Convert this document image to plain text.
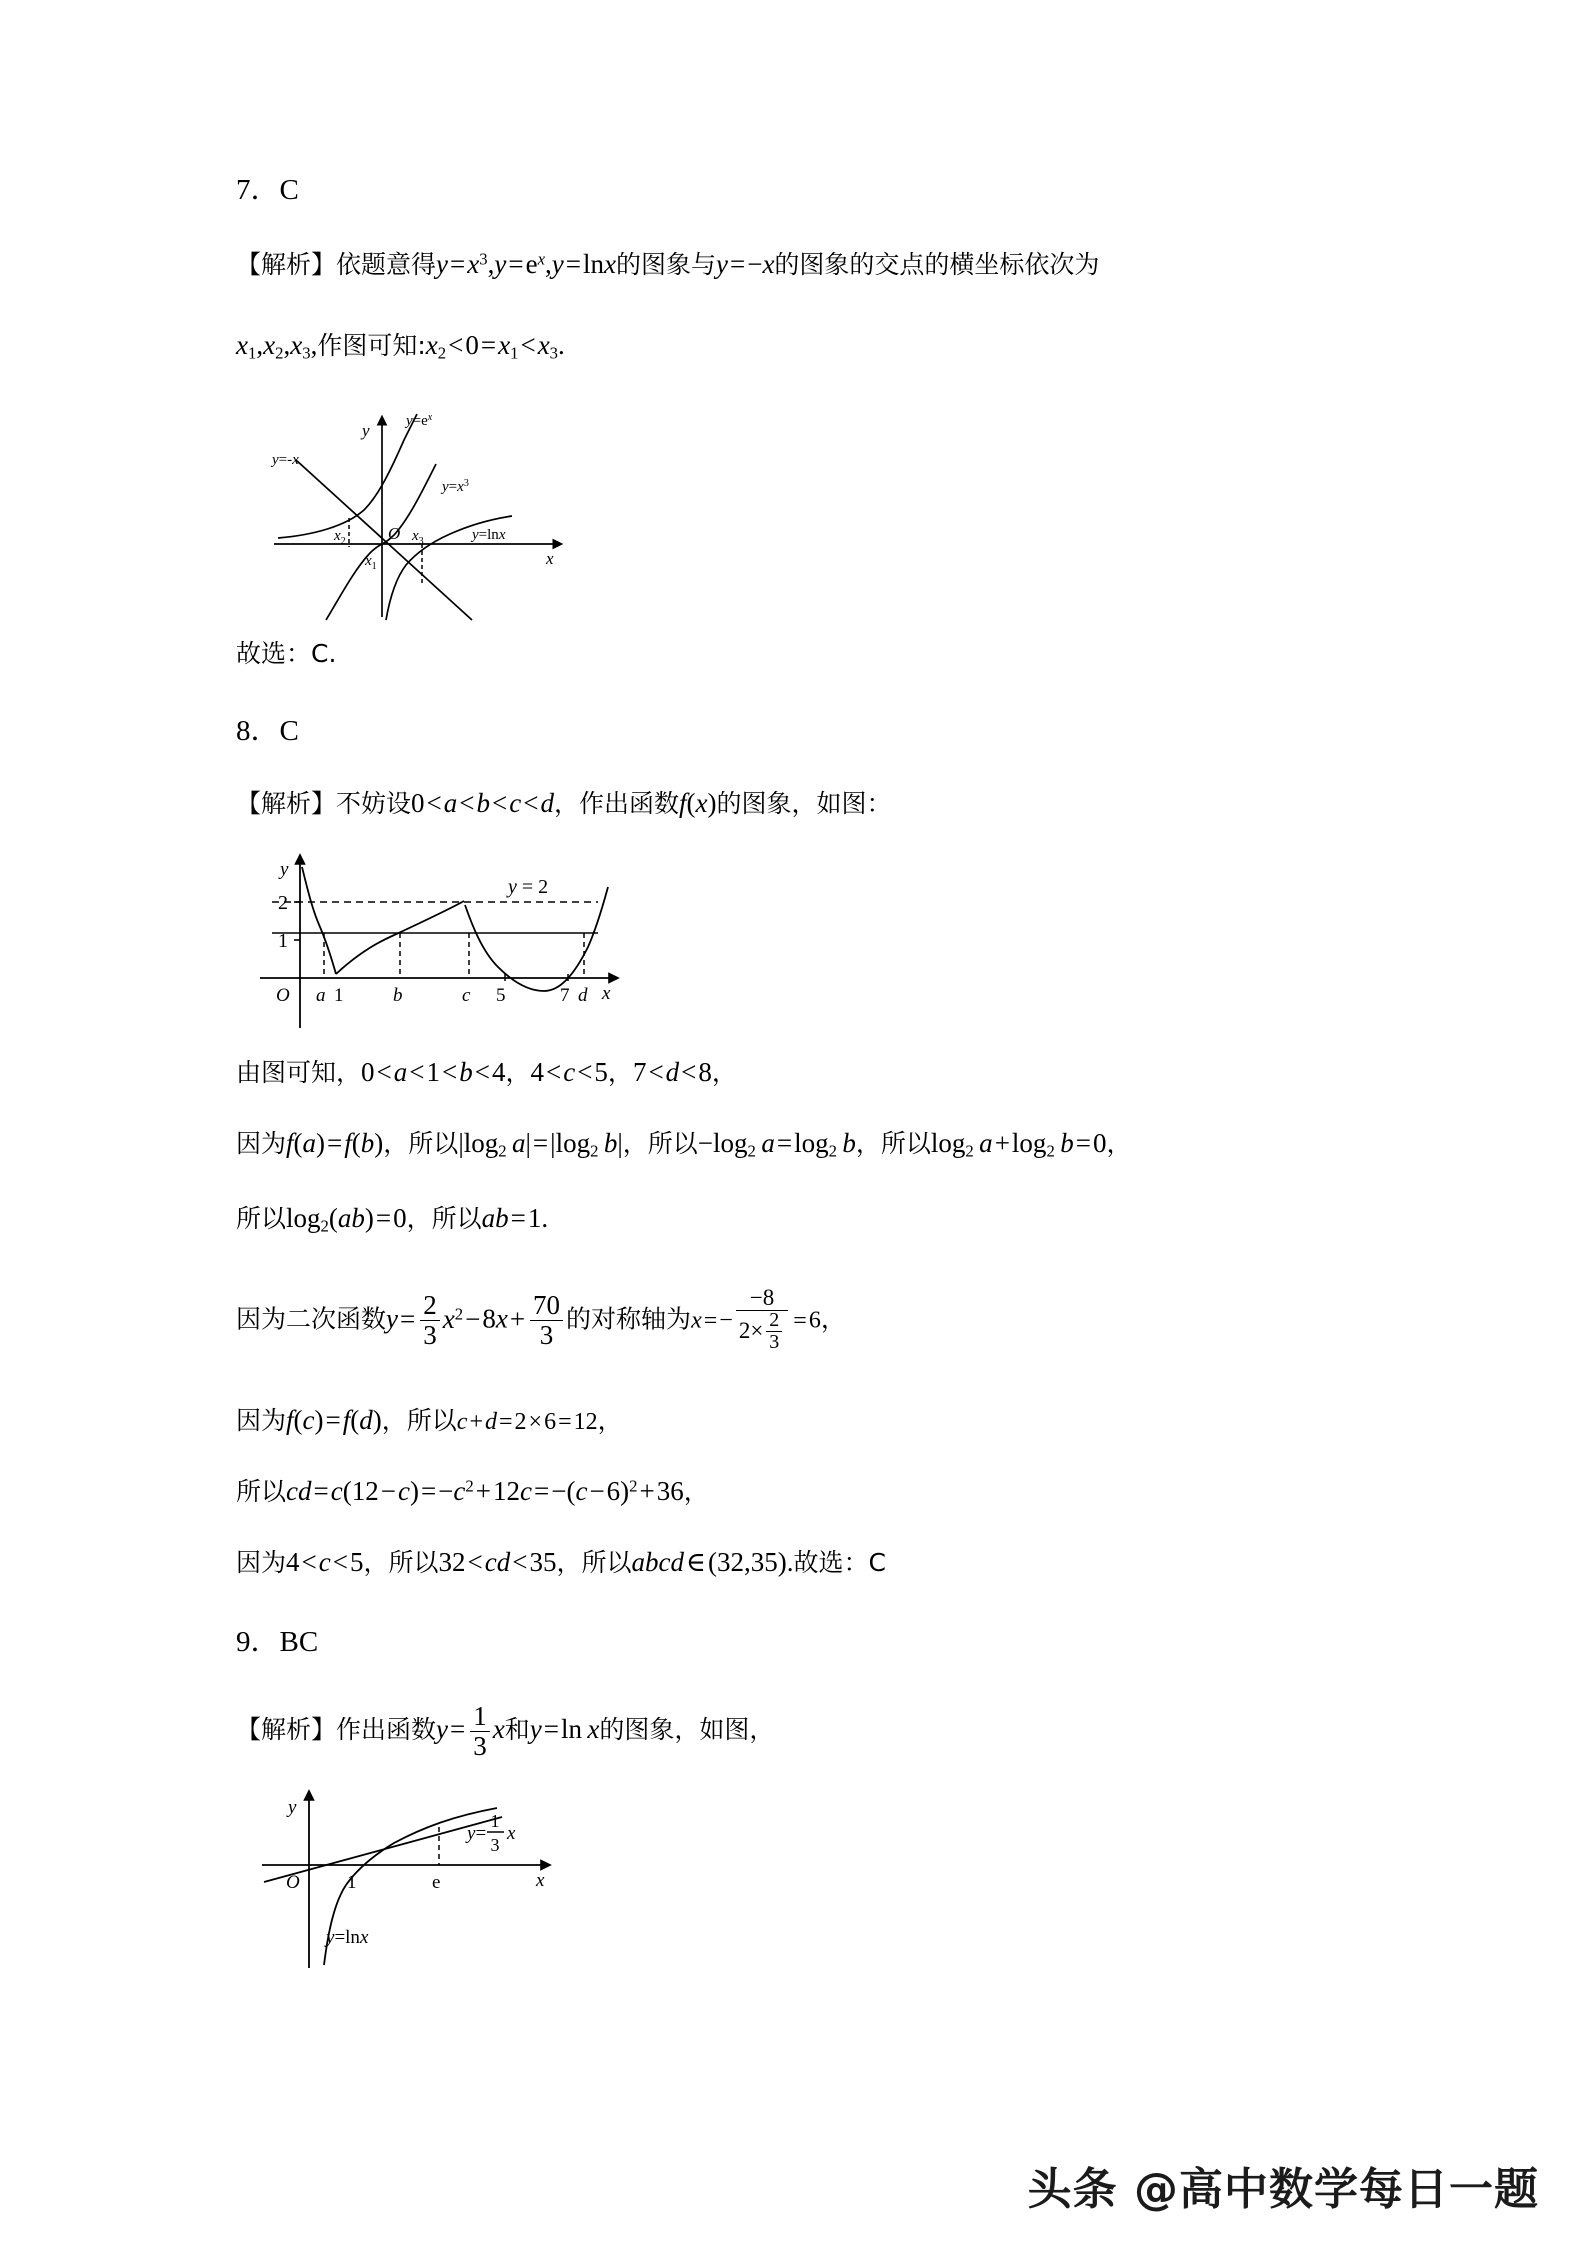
7．C
【解析】依题意得$y=x^3,y=e^x,y=\ln x$的图象与y=−x的图象的交点的横坐标依次为
$x_1,x_2,x_3$,作图可知$:x_2<0=x_1<x_3$.
y
x
O
$y=e^x$
y=-x
$y=x^3$
y=lnx
$x_2$
$x_1$
$x_3$
故选：C.
8．C
【解析】不妨设0<a<b<c<d，作出函数f(x)的图象，如图：
y
x
O
2
1
a 1	b	c 5	7 d
y = 2
由图可知，0<a<1<b<4，4<c<5，7<d<8，
因为f(a)=f(b)，所以$|\log_2$ $a|=|\log_2$ b|，所以$-\log_2$ $a=\log_2$ b，所以$\log_2 a+\log_2$ b=0，
所以$\log_2(ab)=0$，所以ab=1.
因为二次函数$y= \frac{2}{3} x^2-8x+ \frac{70}{3}$ 的对称轴为$x=- \frac{-8}{2\times \frac{2}{3}} =6$，
因为f(c)=f(d)，所以c+d=2×6=12，
所以$cd=c(12-c)=-c^2+12c=-(c-6)^2+36$，
因为4<c<5，所以32<cd<35，所以abcd∈(32,35).故选：C
9．BC
【解析】作出函数$y= \frac{1}{3}$ x和y=ln x的图象，如图，
y
x
O 1	e
y=
1
3
x
y=lnx
头条 @高中数学每日一题
